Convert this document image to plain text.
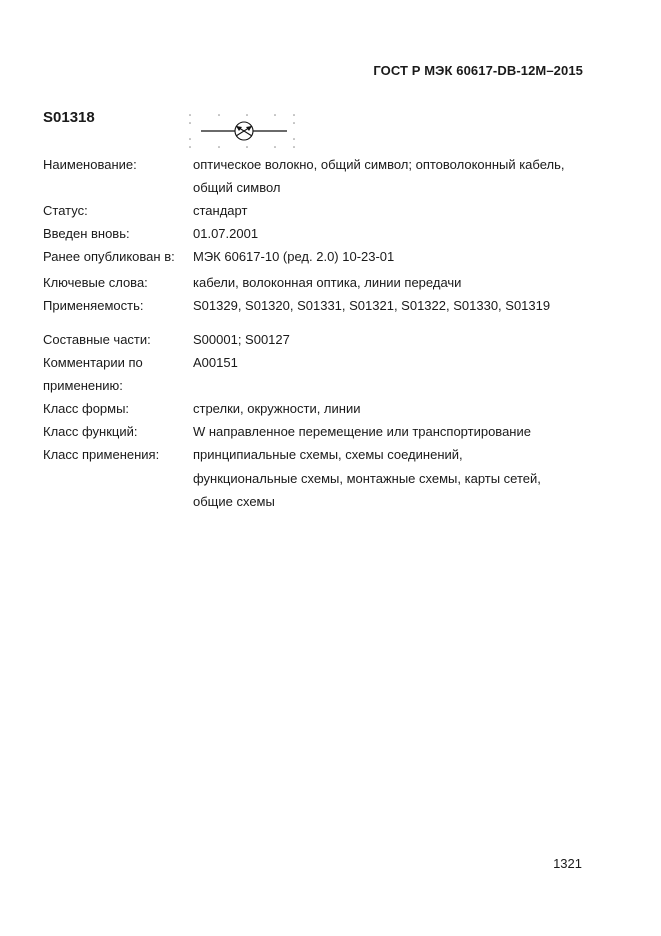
ГОСТ Р МЭК 60617-DB-12M–2015
S01318
Наименование:	оптическое волокно, общий символ; оптоволоконный кабель,
общий символ
Статус:	стандарт
Введен вновь:	01.07.2001
Ранее опубликован в:	МЭК 60617-10 (ред. 2.0) 10-23-01
Ключевые слова:	кабели, волоконная оптика, линии передачи
Применяемость:	S01329, S01320, S01331, S01321, S01322, S01330, S01319
Составные части:	S00001; S00127
Комментарии по
применению:
A00151
Класс формы:	стрелки, окружности, линии
Класс функций:	W направленное перемещение или транспортирование
Класс применения:	принципиальные схемы, схемы соединений,
функциональные схемы, монтажные схемы, карты сетей,
общие схемы
1321
